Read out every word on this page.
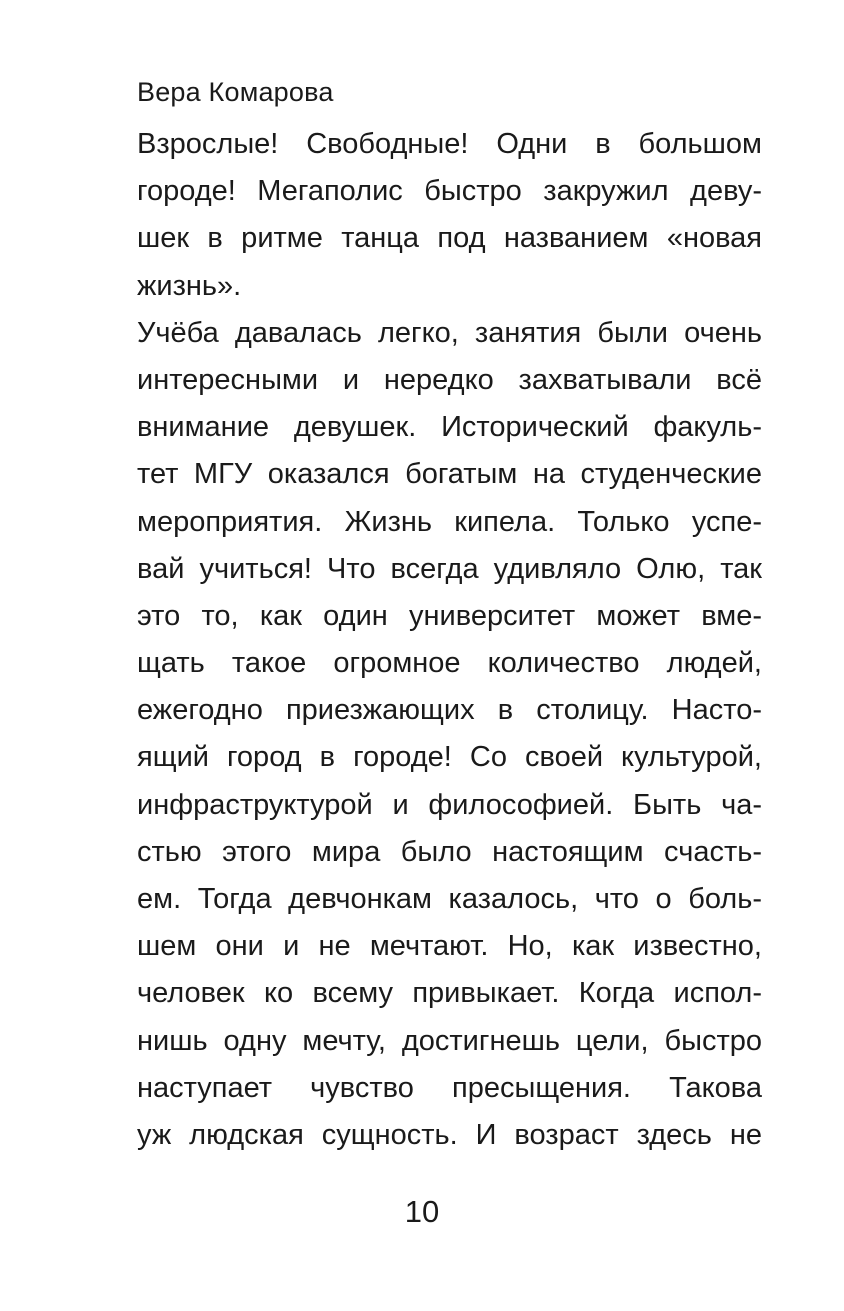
Вера Комарова
Взрослые! Свободные! Одни в большом
городе! Мегаполис быстро закружил деву-
шек в ритме танца под названием «новая
жизнь».
Учёба давалась легко, занятия были очень
интересными и нередко захватывали всё
внимание девушек. Исторический факуль-
тет МГУ оказался богатым на студенческие
мероприятия. Жизнь кипела. Только успе-
вай учиться! Что всегда удивляло Олю, так
это то, как один университет может вме-
щать такое огромное количество людей,
ежегодно приезжающих в столицу. Насто-
ящий город в городе! Со своей культурой,
инфраструктурой и философией. Быть ча-
стью этого мира было настоящим счасть-
ем. Тогда девчонкам казалось, что о боль-
шем они и не мечтают. Но, как известно,
человек ко всему привыкает. Когда испол-
нишь одну мечту, достигнешь цели, быстро
наступает чувство пресыщения. Такова
уж людская сущность. И возраст здесь не
10
